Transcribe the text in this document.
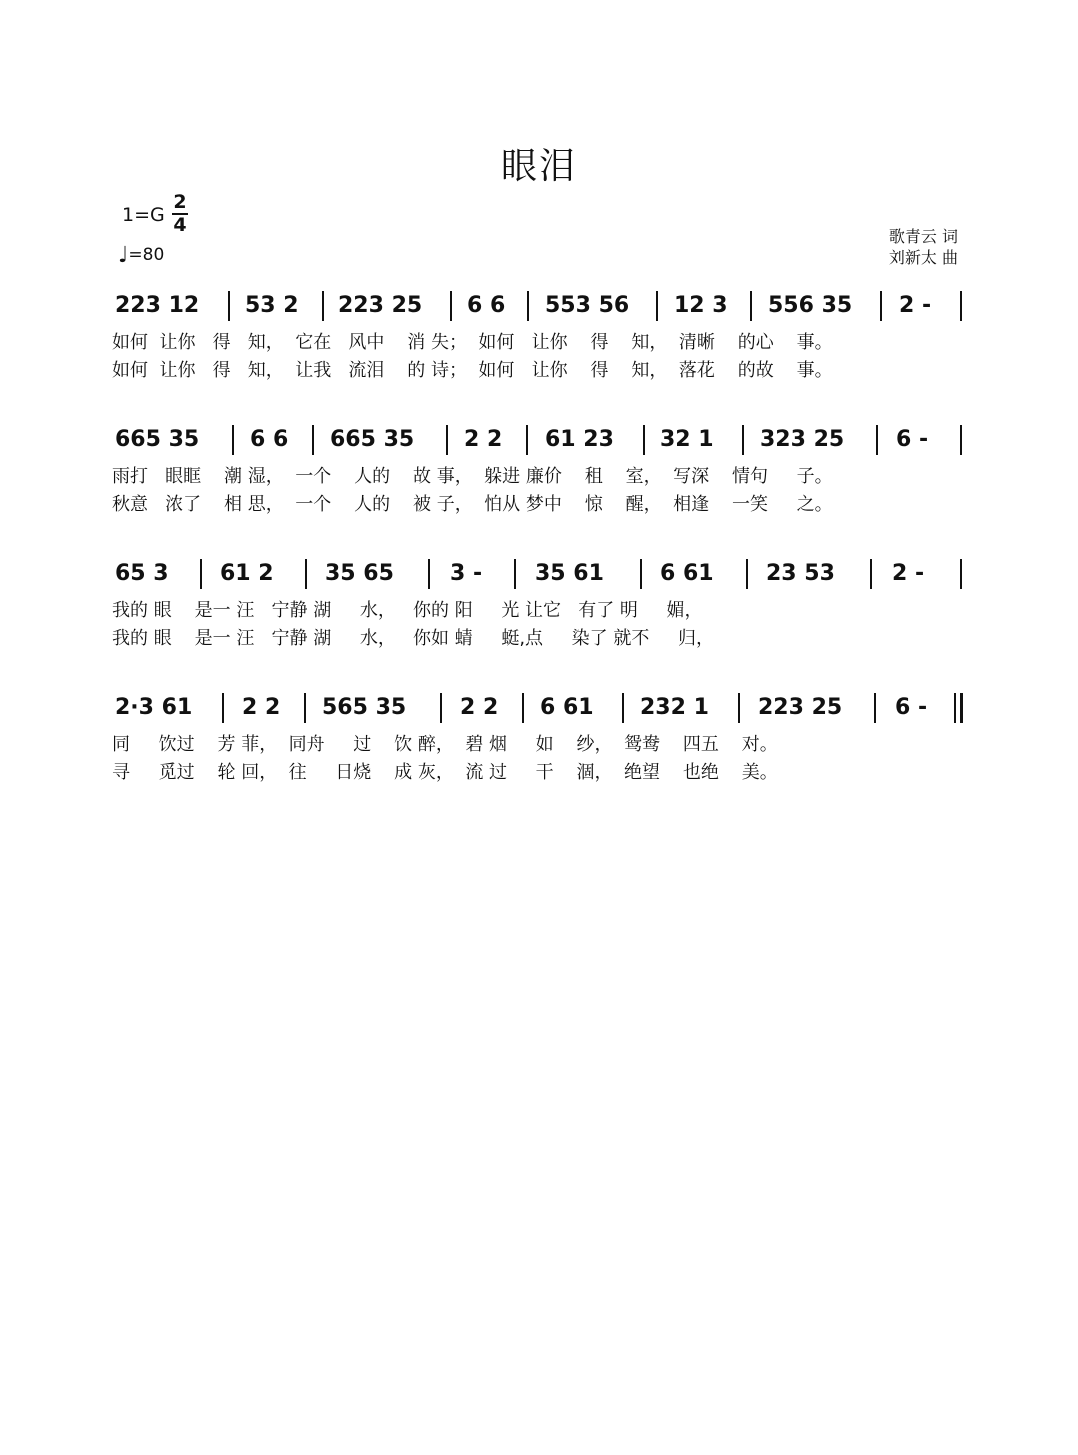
眼泪
$1=G \frac{2}{4}$
♩=80
歌青云 词
刘新太 曲
223 12 53 2 223 25 6 6 553 56 12 3 556 35 2 -
如何  让你   得   知，  它在   风中    消 失；  如何   让你    得    知，  清晰    的心    事。
如何  让你   得   知，  让我   流泪    的 诗；  如何   让你    得    知，  落花    的故    事。
665 35 6 6 665 35 2 2 61 23 32 1 323 25 6 -
雨打   眼眶    潮 湿，  一个    人的    故 事，  躲进 廉价    租    室，  写深    情句     子。
秋意   浓了    相 思，  一个    人的    被 子，  怕从 梦中    惊    醒，  相逢    一笑     之。
65 3 61 2 35 65	3 - 35 61	6 61 23 53	2 -
我的 眼    是一 汪   宁静 湖     水，   你的 阳     光 让它   有了 明     媚，
我的 眼    是一 汪   宁静 湖     水，   你如 蜻     蜓,点     染了 就不     归，
2·3 61 2 2 565 35 2 2 6 61 232 1 223 25 6 -
同     饮过    芳 菲，  同舟     过    饮 醉，  碧 烟     如    纱，  鸳鸯    四五    对。
寻     觅过    轮 回，  往     日烧    成 灰，  流 过     干    涸，  绝望    也绝    美。
